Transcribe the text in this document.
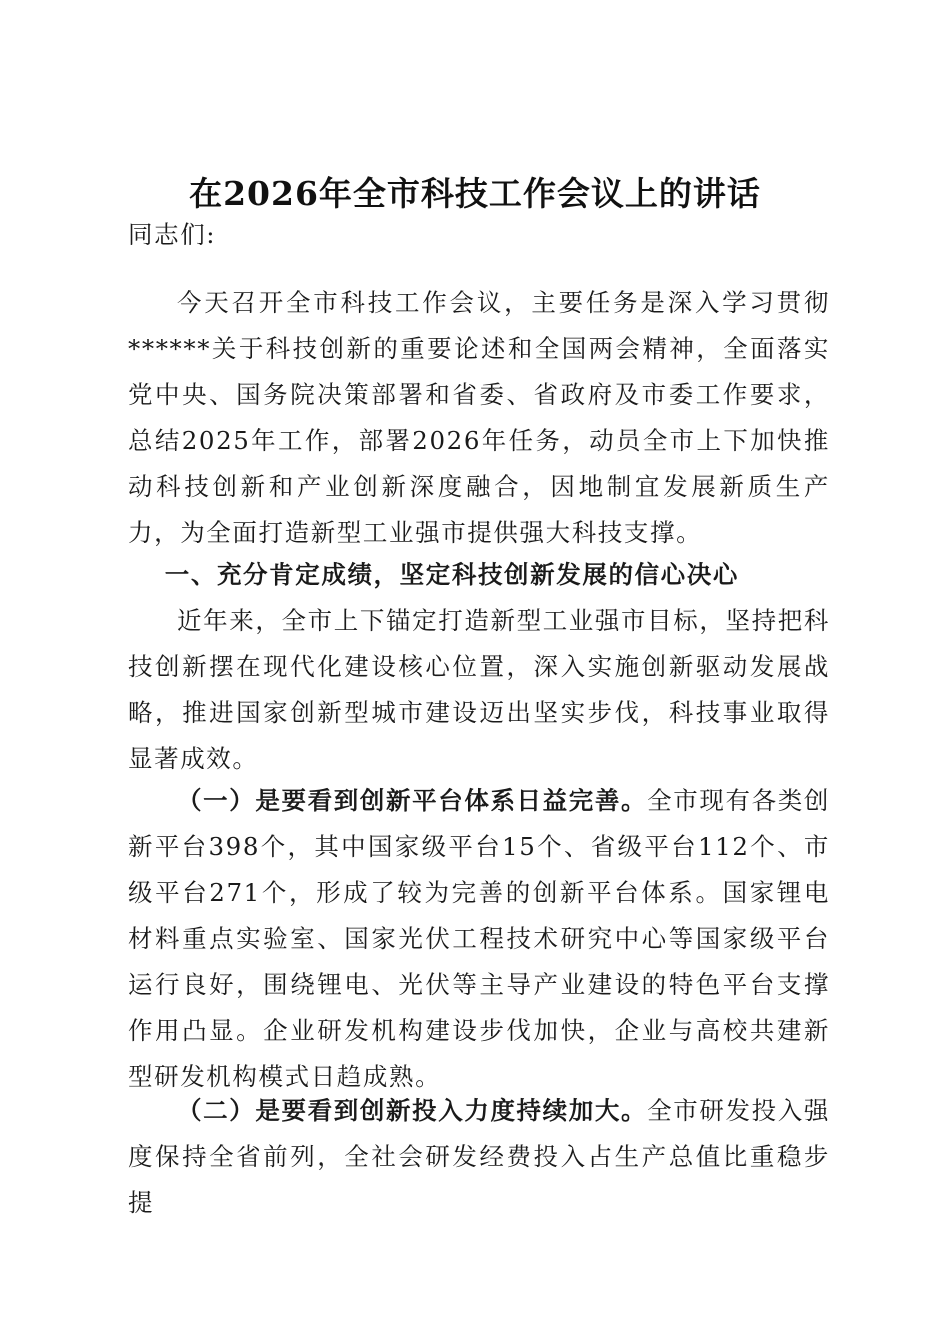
在2026年全市科技工作会议上的讲话
同志们:

今天召开全市科技工作会议，主要任务是深入学习贯彻******关于科技创新的重要论述和全国两会精神，全面落实党中央、国务院决策部署和省委、省政府及市委工作要求，总结2025年工作，部署2026年任务，动员全市上下加快推动科技创新和产业创新深度融合，因地制宜发展新质生产力，为全面打造新型工业强市提供强大科技支撑。

一、充分肯定成绩，坚定科技创新发展的信心决心

近年来，全市上下锚定打造新型工业强市目标，坚持把科技创新摆在现代化建设核心位置，深入实施创新驱动发展战略，推进国家创新型城市建设迈出坚实步伐，科技事业取得显著成效。

（一）是要看到创新平台体系日益完善。全市现有各类创新平台398个，其中国家级平台15个、省级平台112个、市级平台271个，形成了较为完善的创新平台体系。国家锂电材料重点实验室、国家光伏工程技术研究中心等国家级平台运行良好，围绕锂电、光伏等主导产业建设的特色平台支撑作用凸显。企业研发机构建设步伐加快，企业与高校共建新型研发机构模式日趋成熟。

（二）是要看到创新投入力度持续加大。全市研发投入强度保持全省前列，全社会研发经费投入占生产总值比重稳步提
